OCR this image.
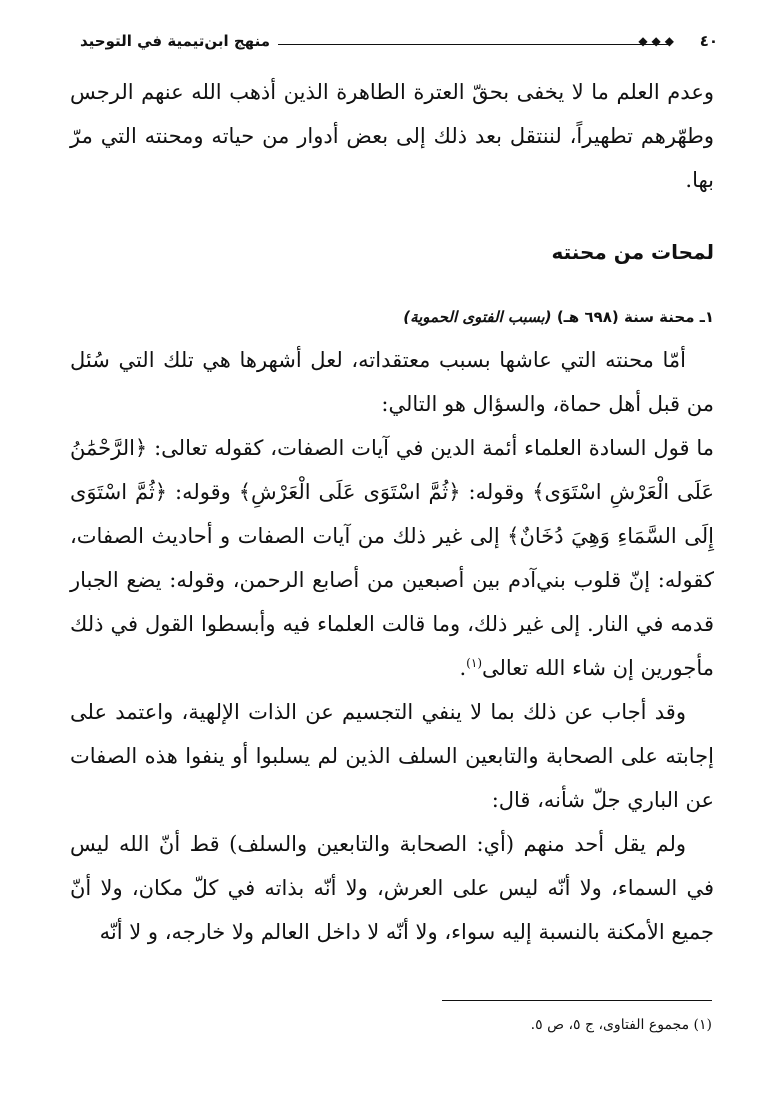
منهج ابن‌تيمية في التوحيد	◆◆◆ ٤٠

وعدم العلم ما لا يخفى بحقّ العترة الطاهرة الذين أذهب الله عنهم الرجس وطهّرهم تطهيراً، لننتقل بعد ذلك إلى بعض أدوار من حياته ومحنته التي مرّ بها.

لمحات من محنته
١ـ محنة سنة (٦٩٨ هـ) (بسبب الفتوى الحموية)

أمّا محنته التي عاشها بسبب معتقداته، لعل أشهرها هي تلك التي سُئل من قبل أهل حماة، والسؤال هو التالي:

ما قول السادة العلماء أئمة الدين في آيات الصفات، كقوله تعالى: ﴿الرَّحْمَٰنُ عَلَى الْعَرْشِ اسْتَوَى﴾ وقوله: ﴿ثُمَّ اسْتَوَى عَلَى الْعَرْشِ﴾ وقوله: ﴿ثُمَّ اسْتَوَى إِلَى السَّمَاءِ وَهِيَ دُخَانٌ﴾ إلى غير ذلك من آيات الصفات و أحاديث الصفات، كقوله: إنّ قلوب بني‌آدم بين أصبعين من أصابع الرحمن، وقوله: يضع الجبار قدمه في النار. إلى غير ذلك، وما قالت العلماء فيه وأبسطوا القول في ذلك مأجورين إن شاء الله تعالى$^{(١)}$.

وقد أجاب عن ذلك بما لا ينفي التجسيم عن الذات الإلهية، واعتمد على إجابته على الصحابة والتابعين السلف الذين لم يسلبوا أو ينفوا هذه الصفات عن الباري جلّ شأنه، قال:

ولم يقل أحد منهم (أي: الصحابة والتابعين والسلف) قط أنّ الله ليس في السماء، ولا أنّه ليس على العرش، ولا أنّه بذاته في كلّ مكان، ولا أنّ جميع الأمكنة بالنسبة إليه سواء، ولا أنّه لا داخل العالم ولا خارجه، و لا أنّه

(١) مجموع الفتاوى، ج ٥، ص ٥.
